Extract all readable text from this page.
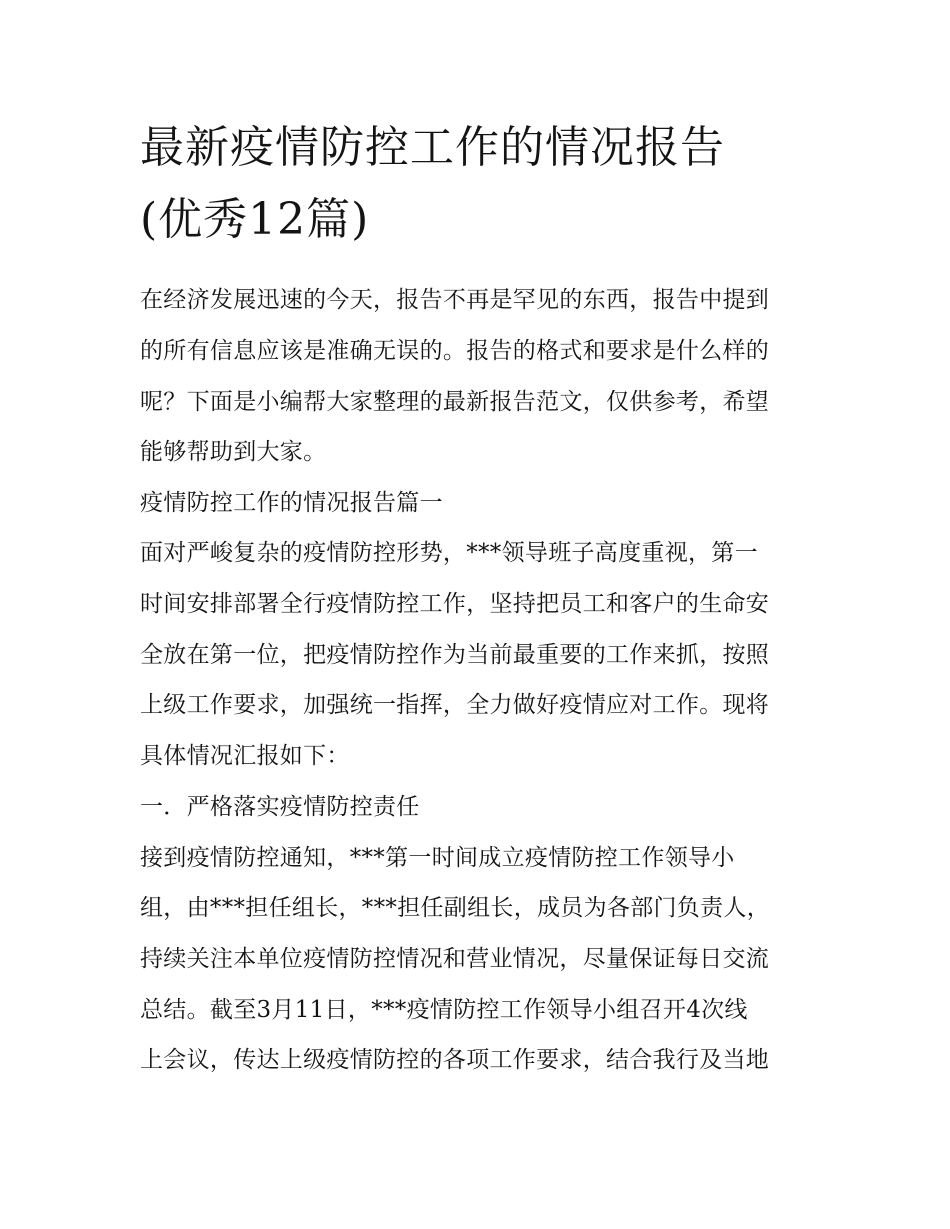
最新疫情防控工作的情况报告
(优秀12篇)
在经济发展迅速的今天，报告不再是罕见的东西，报告中提到
的所有信息应该是准确无误的。报告的格式和要求是什么样的
呢？下面是小编帮大家整理的最新报告范文，仅供参考，希望
能够帮助到大家。
疫情防控工作的情况报告篇一
面对严峻复杂的疫情防控形势，***领导班子高度重视，第一
时间安排部署全行疫情防控工作，坚持把员工和客户的生命安
全放在第一位，把疫情防控作为当前最重要的工作来抓，按照
上级工作要求，加强统一指挥，全力做好疫情应对工作。现将
具体情况汇报如下：
一．严格落实疫情防控责任
接到疫情防控通知，***第一时间成立疫情防控工作领导小
组，由***担任组长，***担任副组长，成员为各部门负责人，
持续关注本单位疫情防控情况和营业情况，尽量保证每日交流
总结。截至3月11日，***疫情防控工作领导小组召开4次线
上会议，传达上级疫情防控的各项工作要求，结合我行及当地
